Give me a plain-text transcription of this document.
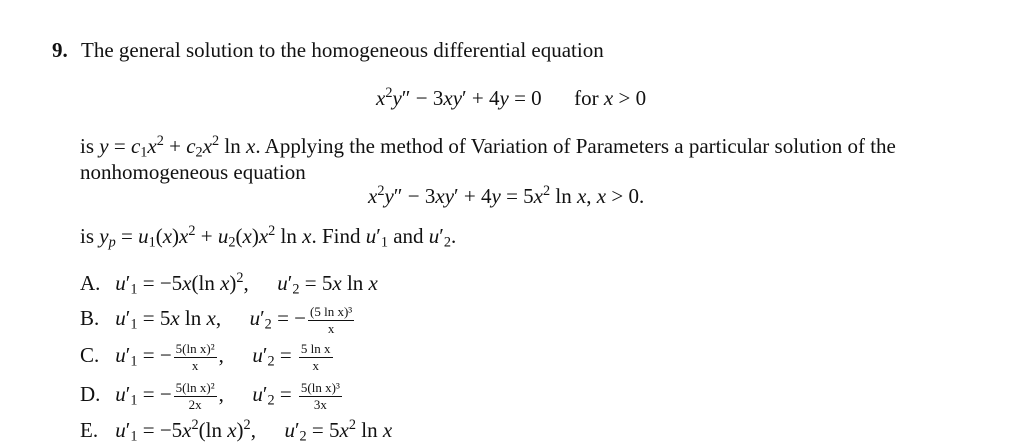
9. The general solution to the homogeneous differential equation
$x^2y'' - 3xy' + 4y = 0$  for x > 0
is $y = c_1x^2 + c_2x^2$ ln x. Applying the method of Variation of Parameters a particular solution of the
nonhomogeneous equation
$x^2y'' - 3xy' + 4y = 5x^2$ ln x, x > 0.
is $y_p = u_1(x)x^2 + u_2(x)x^2$ ln x. Find $u'_1$ and $u'_2$.
A. $u'_1 = -5x(\ln$ x)$^2$, $u'_2 = 5x$ ln x
B. $u'_1 = 5x$ ln x, $u'_2$ = − $\frac{\text{(5 ln x)³}}{x}$
C. $u'_1$ = − $\frac{\text{5(ln x)²}}{x}$ , $u'_2 = \frac{\text{5 ln x}}{x}$
D. $u'_1$ = − $\frac{\text{5(ln x)²}}{2x}$ , $u'_2 = \frac{\text{5(ln x)³}}{3x}$
E. $u'_1 = -5x^2(\ln$ x)$^2$, $u'_2 = 5x^2$ ln x
